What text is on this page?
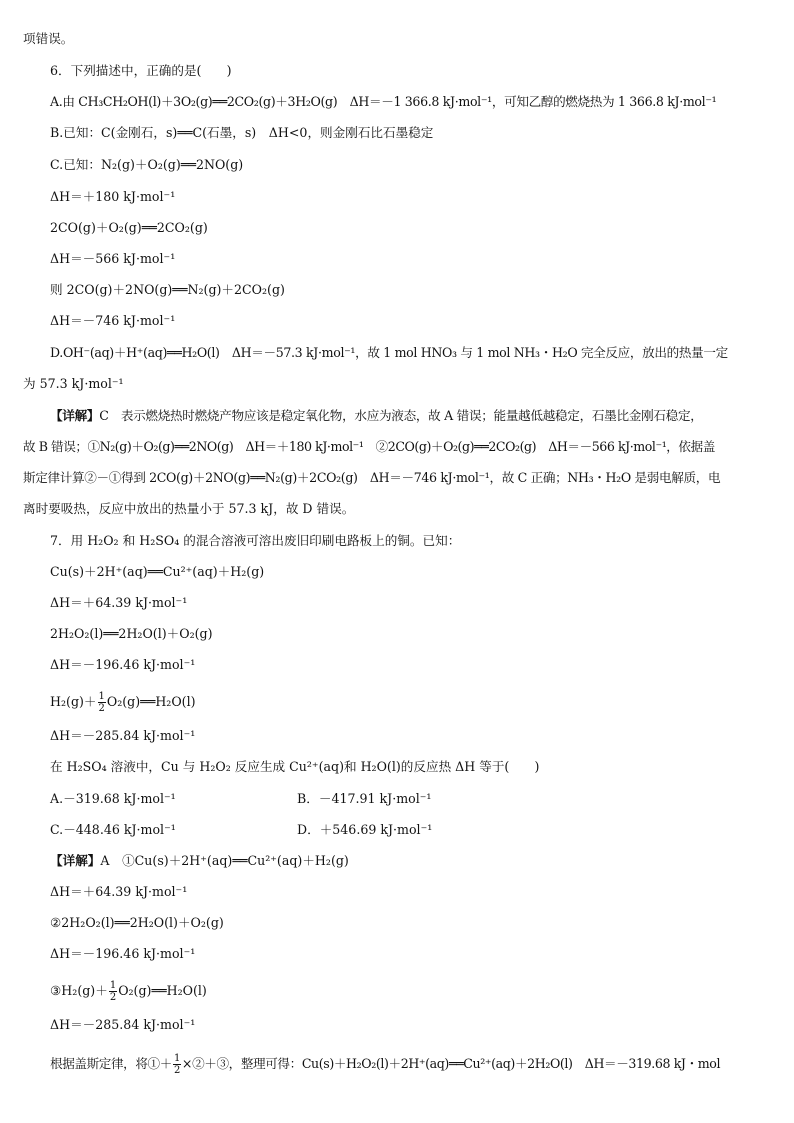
项错误。
6．下列描述中，正确的是(　　)
A.由 CH₃CH₂OH(l)＋3O₂(g)══2CO₂(g)＋3H₂O(g)　ΔH＝－1 366.8 kJ·mol⁻¹，可知乙醇的燃烧热为 1 366.8 kJ·mol⁻¹
B.已知：C(金刚石，s)══C(石墨，s)　ΔH<0，则金刚石比石墨稳定
C.已知：N₂(g)＋O₂(g)══2NO(g)
ΔH＝＋180 kJ·mol⁻¹
2CO(g)＋O₂(g)══2CO₂(g)
ΔH＝－566 kJ·mol⁻¹
则 2CO(g)＋2NO(g)══N₂(g)＋2CO₂(g)
ΔH＝－746 kJ·mol⁻¹
D.OH⁻(aq)＋H⁺(aq)══H₂O(l)　ΔH＝－57.3 kJ·mol⁻¹，故 1 mol HNO₃ 与 1 mol NH₃・H₂O 完全反应，放出的热量一定
为 57.3 kJ·mol⁻¹
【详解】C　表示燃烧热时燃烧产物应该是稳定氧化物，水应为液态，故 A 错误；能量越低越稳定，石墨比金刚石稳定，
故 B 错误；①N₂(g)＋O₂(g)══2NO(g)　ΔH＝＋180 kJ·mol⁻¹　②2CO(g)＋O₂(g)══2CO₂(g)　ΔH＝－566 kJ·mol⁻¹，依据盖
斯定律计算②－①得到 2CO(g)＋2NO(g)══N₂(g)＋2CO₂(g)　ΔH＝－746 kJ·mol⁻¹，故 C 正确；NH₃・H₂O 是弱电解质，电
离时要吸热，反应中放出的热量小于 57.3 kJ，故 D 错误。
7．用 H₂O₂ 和 H₂SO₄ 的混合溶液可溶出废旧印刷电路板上的铜。已知：
Cu(s)＋2H⁺(aq)══Cu²⁺(aq)＋H₂(g)
ΔH＝＋64.39 kJ·mol⁻¹
2H₂O₂(l)══2H₂O(l)＋O₂(g)
ΔH＝－196.46 kJ·mol⁻¹
$H_2(g)+ \frac{1}{2}$ O₂(g)══H₂O(l)
ΔH＝－285.84 kJ·mol⁻¹
在 H₂SO₄ 溶液中，Cu 与 H₂O₂ 反应生成 Cu²⁺(aq)和 H₂O(l)的反应热 ΔH 等于(　　)
A.－319.68 kJ·mol⁻¹	B．－417.91 kJ·mol⁻¹
C.－448.46 kJ·mol⁻¹	D．＋546.69 kJ·mol⁻¹
【详解】A　①Cu(s)＋2H⁺(aq)══Cu²⁺(aq)＋H₂(g)
ΔH＝＋64.39 kJ·mol⁻¹
②2H₂O₂(l)══2H₂O(l)＋O₂(g)
ΔH＝－196.46 kJ·mol⁻¹
③H₂(g)＋ $\frac{1}{2}$ O₂(g)══H₂O(l)
ΔH＝－285.84 kJ·mol⁻¹
根据盖斯定律，将①＋ $\frac{1}{2}$ ×②＋③，整理可得：Cu(s)＋H₂O₂(l)＋2H⁺(aq)══Cu²⁺(aq)＋2H₂O(l)　ΔH＝－319.68 kJ・mol
